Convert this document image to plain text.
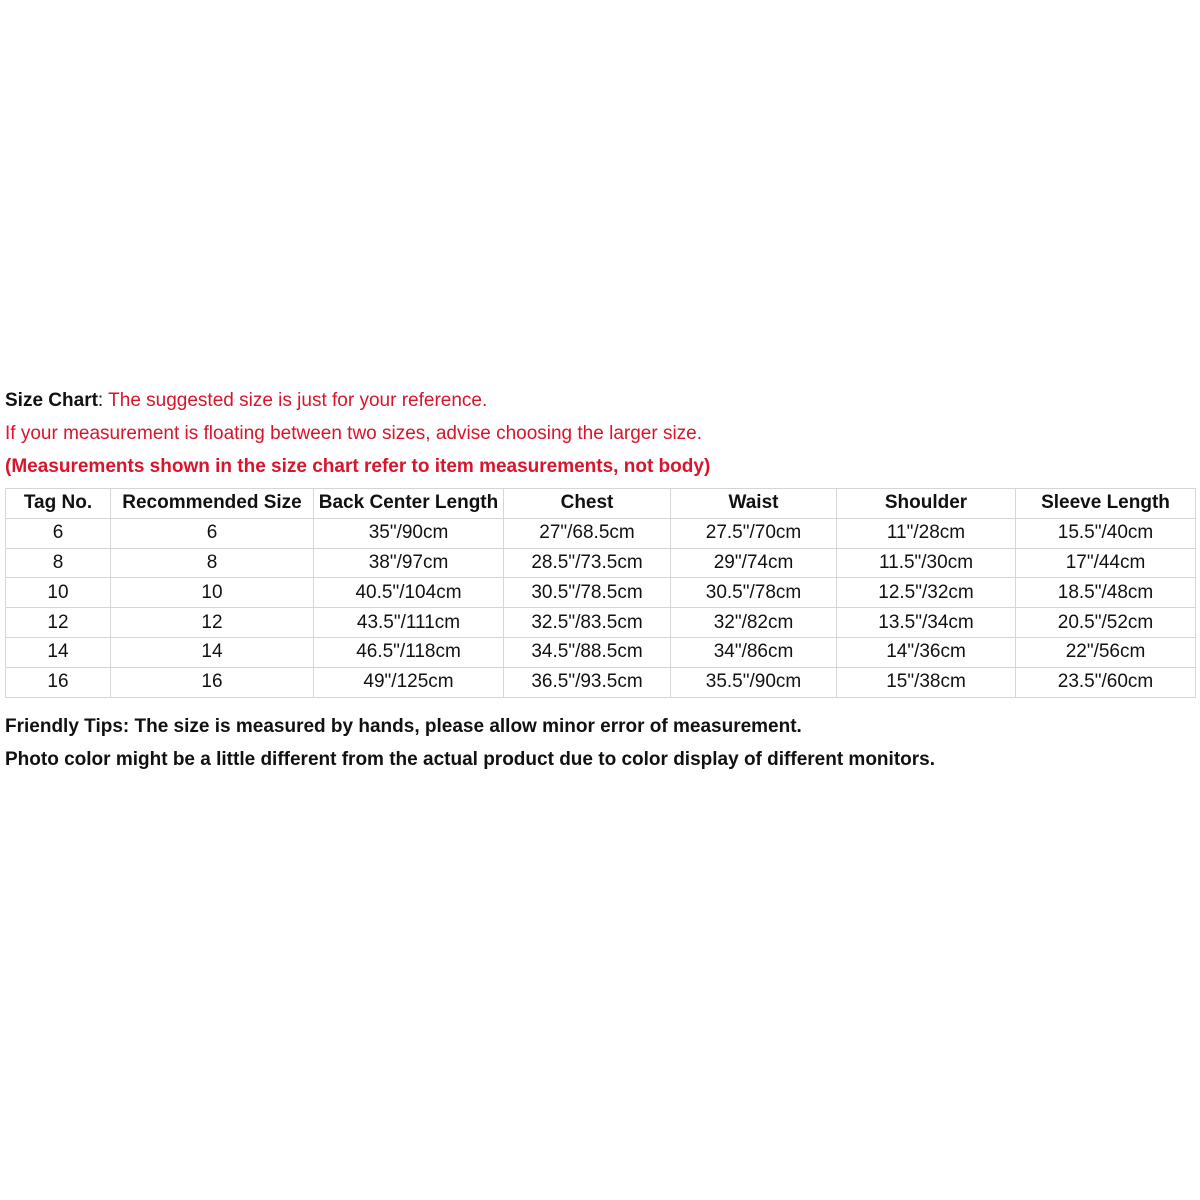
Size Chart: The suggested size is just for your reference.
If your measurement is floating between two sizes, advise choosing the larger size.
(Measurements shown in the size chart refer to item measurements, not body)
Tag No.	Recommended Size	Back Center Length	Chest	Waist	Shoulder	Sleeve Length
6	6	35"/90cm	27"/68.5cm	27.5"/70cm	11"/28cm	15.5"/40cm
8	8	38"/97cm	28.5"/73.5cm	29"/74cm	11.5"/30cm	17"/44cm
10	10	40.5"/104cm	30.5"/78.5cm	30.5"/78cm	12.5"/32cm	18.5"/48cm
12	12	43.5"/111cm	32.5"/83.5cm	32"/82cm	13.5"/34cm	20.5"/52cm
14	14	46.5"/118cm	34.5"/88.5cm	34"/86cm	14"/36cm	22"/56cm
16	16	49"/125cm	36.5"/93.5cm	35.5"/90cm	15"/38cm	23.5"/60cm
Friendly Tips: The size is measured by hands, please allow minor error of measurement.
Photo color might be a little different from the actual product due to color display of different monitors.
